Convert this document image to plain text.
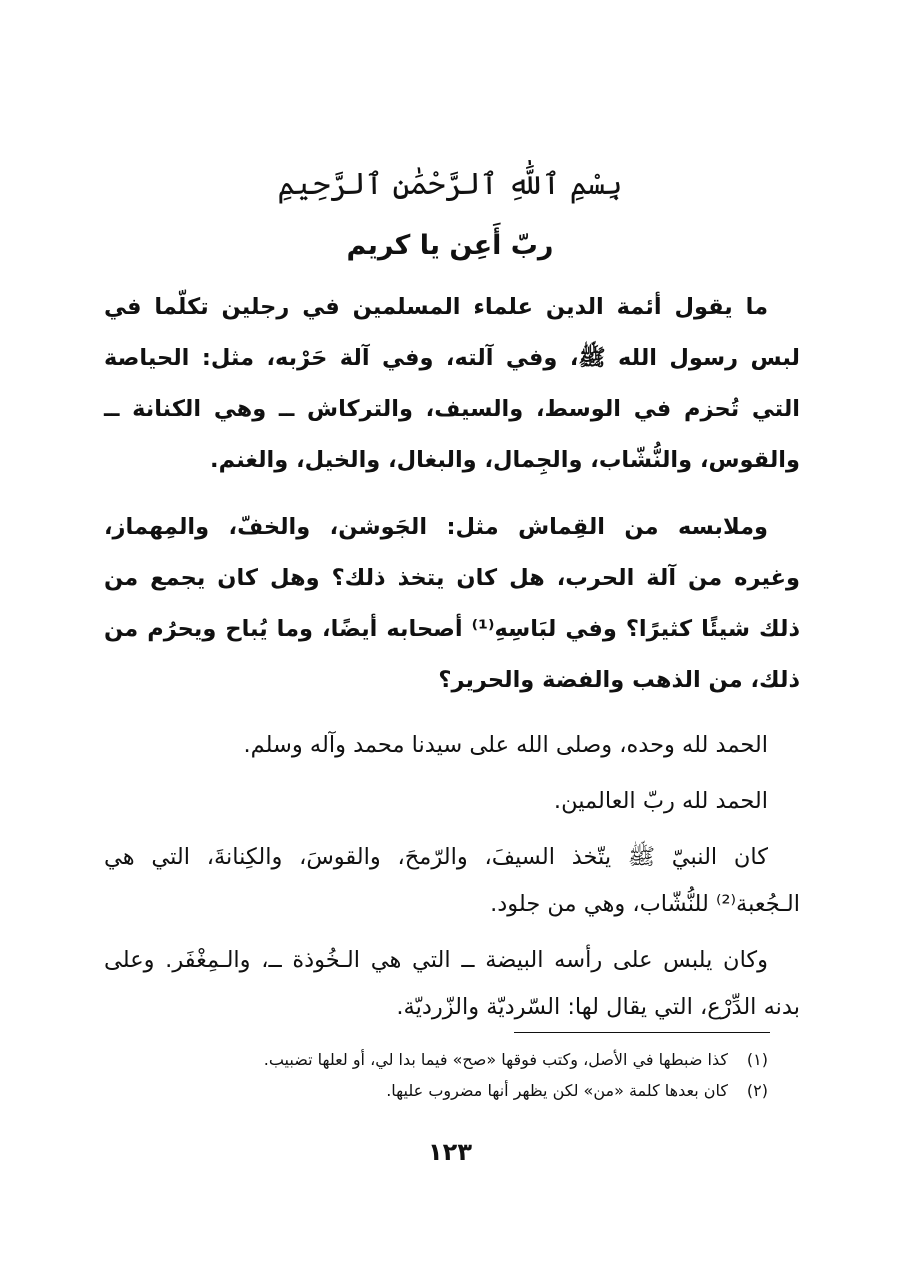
بِسْمِ ٱللَّٰهِ ٱلرَّحْمَٰنِ ٱلرَّحِيمِ
ربّ أَعِن يا كريم

ما يقول أئمة الدين علماء المسلمين في رجلين تكلّما في لبس رسول الله ﷺ، وفي آلته، وفي آلة حَرْبه، مثل: الحياصة التي تُحزم في الوسط، والسيف، والتركاش ــ وهي الكنانة ــ والقوس، والنُّشّاب، والجِمال، والبغال، والخيل، والغنم.

وملابسه من القِماش مثل: الجَوشن، والخفّ، والمِهماز، وغيره من آلة الحرب، هل كان يتخذ ذلك؟ وهل كان يجمع من ذلك شيئًا كثيرًا؟ وفي لبَاسِهِ⁽¹⁾ أصحابه أيضًا، وما يُباح ويحرُم من ذلك، من الذهب والفضة والحرير؟

الحمد لله وحده، وصلى الله على سيدنا محمد وآله وسلم.

الحمد لله ربّ العالمين.

كان النبيّ ﷺ يتّخذ السيفَ، والرّمحَ، والقوسَ، والكِنانةَ، التي هي الـجُعبة⁽²⁾ للنُّشّاب، وهي من جلود.

وكان يلبس على رأسه البيضة ــ التي هي الـخُوذة ــ، والـمِغْفَر. وعلى بدنه الدِّرْع، التي يقال لها: السّرديّة والزّرديّة.

(١)
كذا ضبطها في الأصل، وكتب فوقها «صح» فيما بدا لي، أو لعلها تضبيب.
(٢)
كان بعدها كلمة «من» لكن يظهر أنها مضروب عليها.
١٢٣
